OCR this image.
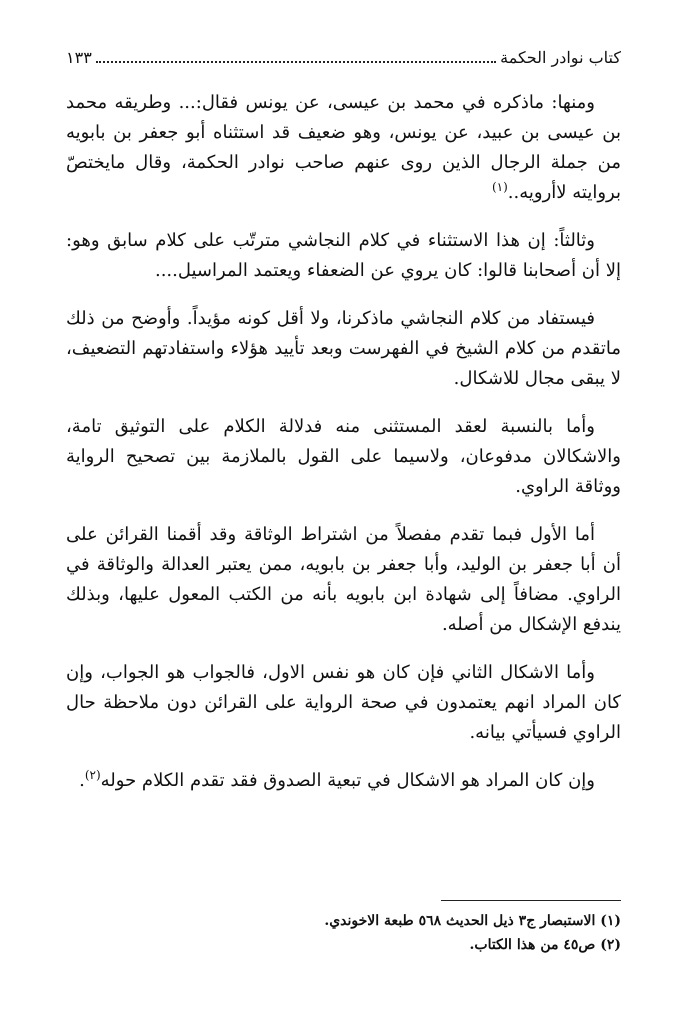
كتاب نوادر الحكمة
١٣٣

ومنها: ماذكره في محمد بن عيسى، عن يونس فقال:... وطريقه محمد بن عيسى بن عبيد، عن يونس، وهو ضعيف قد استثناه أبو جعفر بن بابويه من جملة الرجال الذين روى عنهم صاحب نوادر الحكمة، وقال مايختصّ بروايته لاأرويه..$^{(١)}$

وثالثاً: إن هذا الاستثناء في كلام النجاشي مترتّب على كلام سابق وهو: إلا أن أصحابنا قالوا: كان يروي عن الضعفاء ويعتمد المراسيل....

فيستفاد من كلام النجاشي ماذكرنا، ولا أقل كونه مؤيداً. وأوضح من ذلك ماتقدم من كلام الشيخ في الفهرست وبعد تأييد هؤلاء واستفادتهم التضعيف، لا يبقى مجال للاشكال.

وأما بالنسبة لعقد المستثنى منه فدلالة الكلام على التوثيق تامة، والاشكالان مدفوعان، ولاسيما على القول بالملازمة بين تصحيح الرواية ووثاقة الراوي.

أما الأول فبما تقدم مفصلاً من اشتراط الوثاقة وقد أقمنا القرائن على أن أبا جعفر بن الوليد، وأبا جعفر بن بابويه، ممن يعتبر العدالة والوثاقة في الراوي. مضافاً إلى شهادة ابن بابويه بأنه من الكتب المعول عليها، وبذلك يندفع الإشكال من أصله.

وأما الاشكال الثاني فإن كان هو نفس الاول، فالجواب هو الجواب، وإن كان المراد انهم يعتمدون في صحة الرواية على القرائن دون ملاحظة حال الراوي فسيأتي بيانه.

وإن كان المراد هو الاشكال في تبعية الصدوق فقد تقدم الكلام حوله$^{(٢)}$.

(١) الاستبصار ج٣ ذيل الحديث ٥٦٨ طبعة الاخوندي.
(٢) ص٤٥ من هذا الكتاب.
